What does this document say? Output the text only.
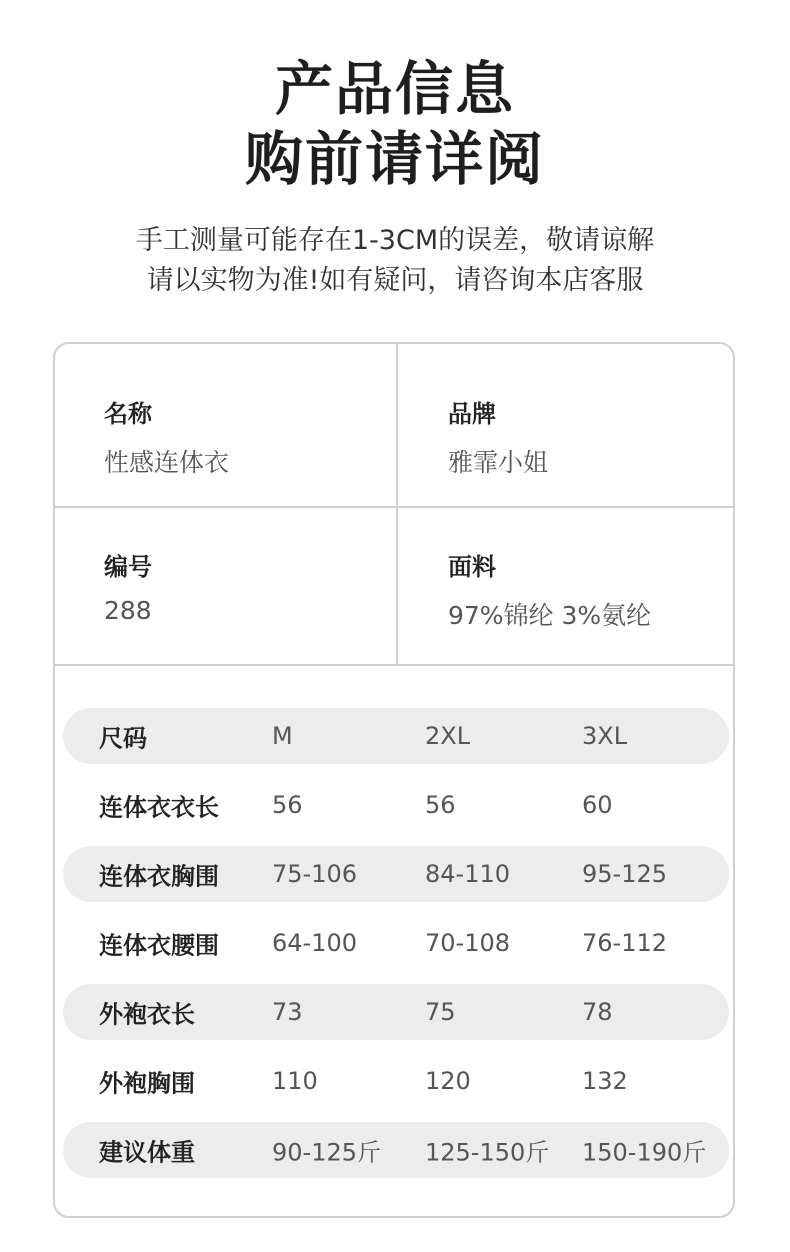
产品信息
购前请详阅

手工测量可能存在1-3CM的误差，敬请谅解

请以实物为准!如有疑问，请咨询本店客服

名称
性感连体衣
品牌
雅霏小姐
编号
288
面料
97%锦纶 3%氨纶
尺码	M	2XL	3XL
连体衣衣长 56	56	60
连体衣胸围 75-106	84-110	95-125
连体衣腰围 64-100	70-108	76-112
外袍衣长	73	75	78
外袍胸围	110	120	132
建议体重	90-125斤 125-150斤 150-190斤
